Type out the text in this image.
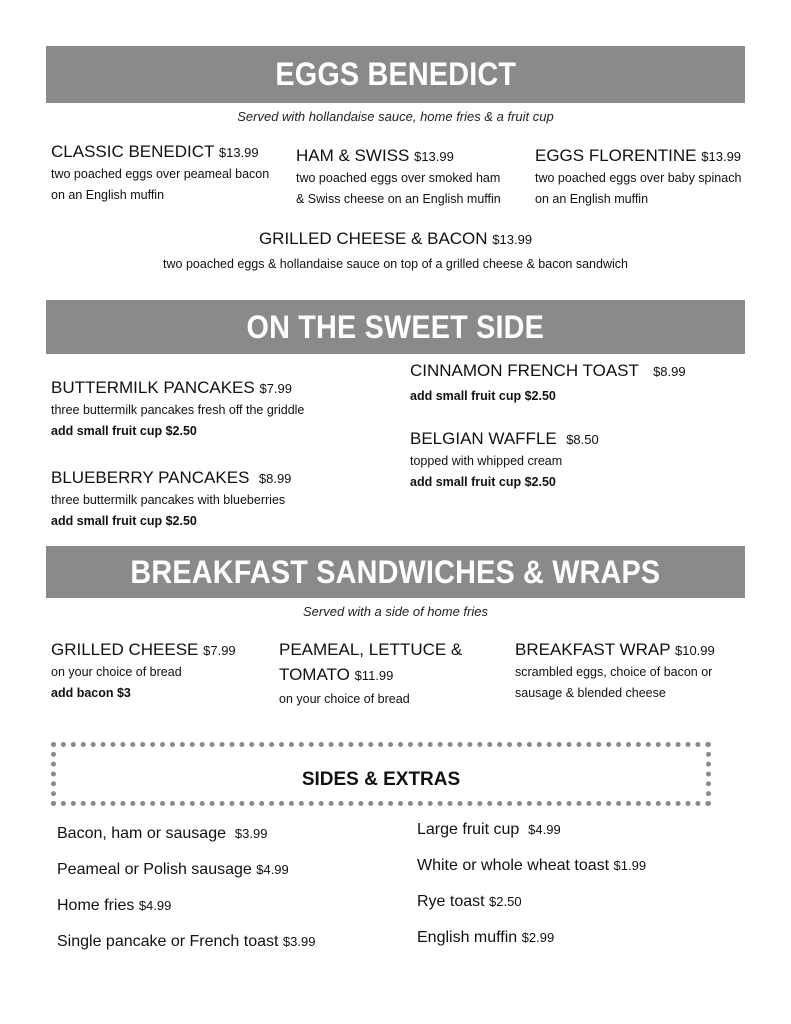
EGGS BENEDICT
Served with hollandaise sauce, home fries & a fruit cup
CLASSIC BENEDICT $13.99
two poached eggs over peameal bacon
on an English muffin
HAM & SWISS $13.99
two poached eggs over smoked ham
& Swiss cheese on an English muffin
EGGS FLORENTINE $13.99
two poached eggs over baby spinach
on an English muffin
GRILLED CHEESE & BACON $13.99
two poached eggs & hollandaise sauce on top of a grilled cheese & bacon sandwich
ON THE SWEET SIDE
BUTTERMILK PANCAKES $7.99
three buttermilk pancakes fresh off the griddle
add small fruit cup $2.50
BLUEBERRY PANCAKES $8.99
three buttermilk pancakes with blueberries
add small fruit cup $2.50
CINNAMON FRENCH TOAST $8.99
add small fruit cup $2.50
BELGIAN WAFFLE $8.50
topped with whipped cream
add small fruit cup $2.50
BREAKFAST SANDWICHES & WRAPS
Served with a side of home fries
GRILLED CHEESE $7.99
on your choice of bread
add bacon $3
PEAMEAL, LETTUCE &
TOMATO $11.99
on your choice of bread
BREAKFAST WRAP $10.99
scrambled eggs, choice of bacon or
sausage & blended cheese
SIDES & EXTRAS
Bacon, ham or sausage $3.99
Peameal or Polish sausage $4.99
Home fries $4.99
Single pancake or French toast $3.99
Large fruit cup $4.99
White or whole wheat toast $1.99
Rye toast $2.50
English muffin $2.99
